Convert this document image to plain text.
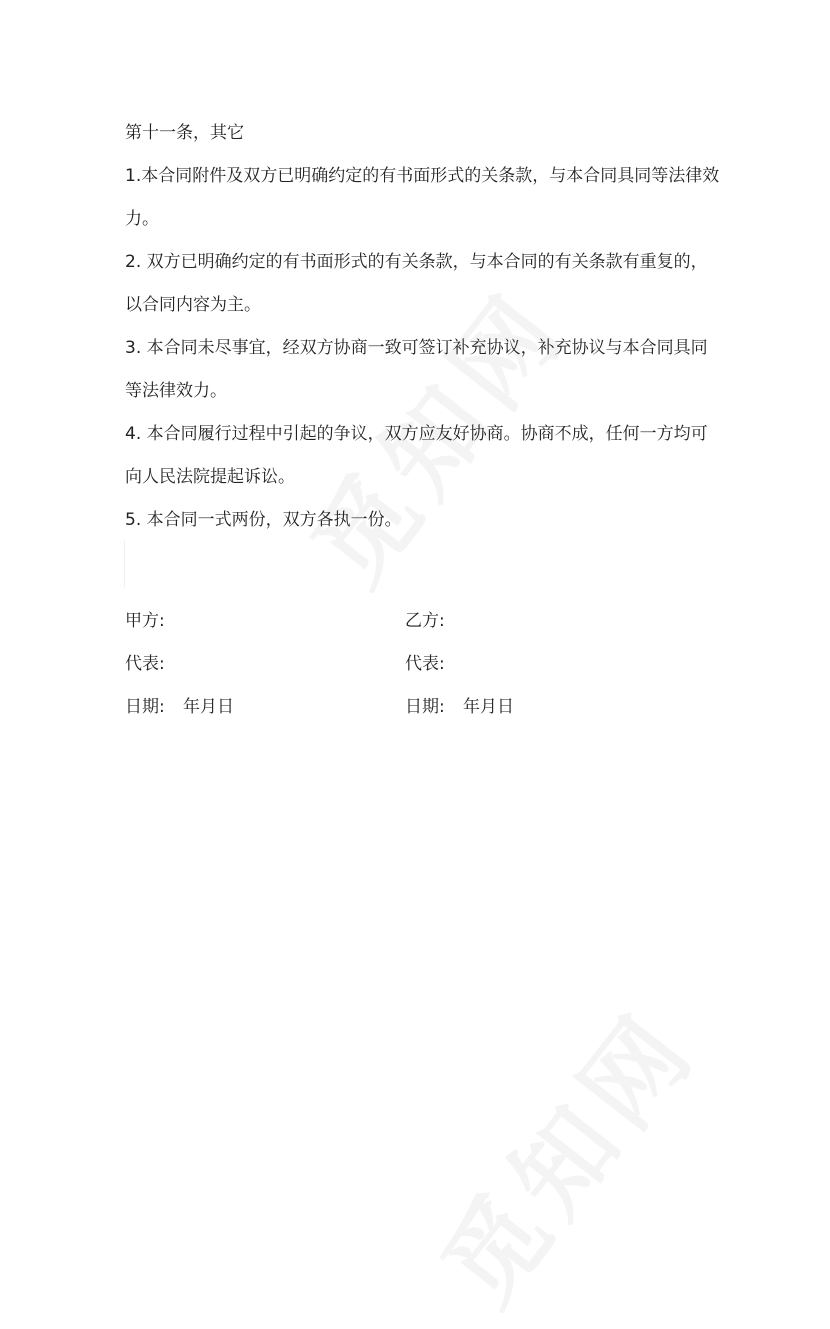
第十一条，其它

1.本合同附件及双方已明确约定的有书面形式的关条款，与本合同具同等法律效力。

2. 双方已明确约定的有书面形式的有关条款，与本合同的有关条款有重复的，以合同内容为主。

3. 本合同未尽事宜，经双方协商一致可签订补充协议，补充协议与本合同具同等法律效力。

4. 本合同履行过程中引起的争议，双方应友好协商。协商不成，任何一方均可向人民法院提起诉讼。

5. 本合同一式两份，双方各执一份。

甲方:	乙方:
代表:	代表:
日期: 年月日	日期: 年月日
